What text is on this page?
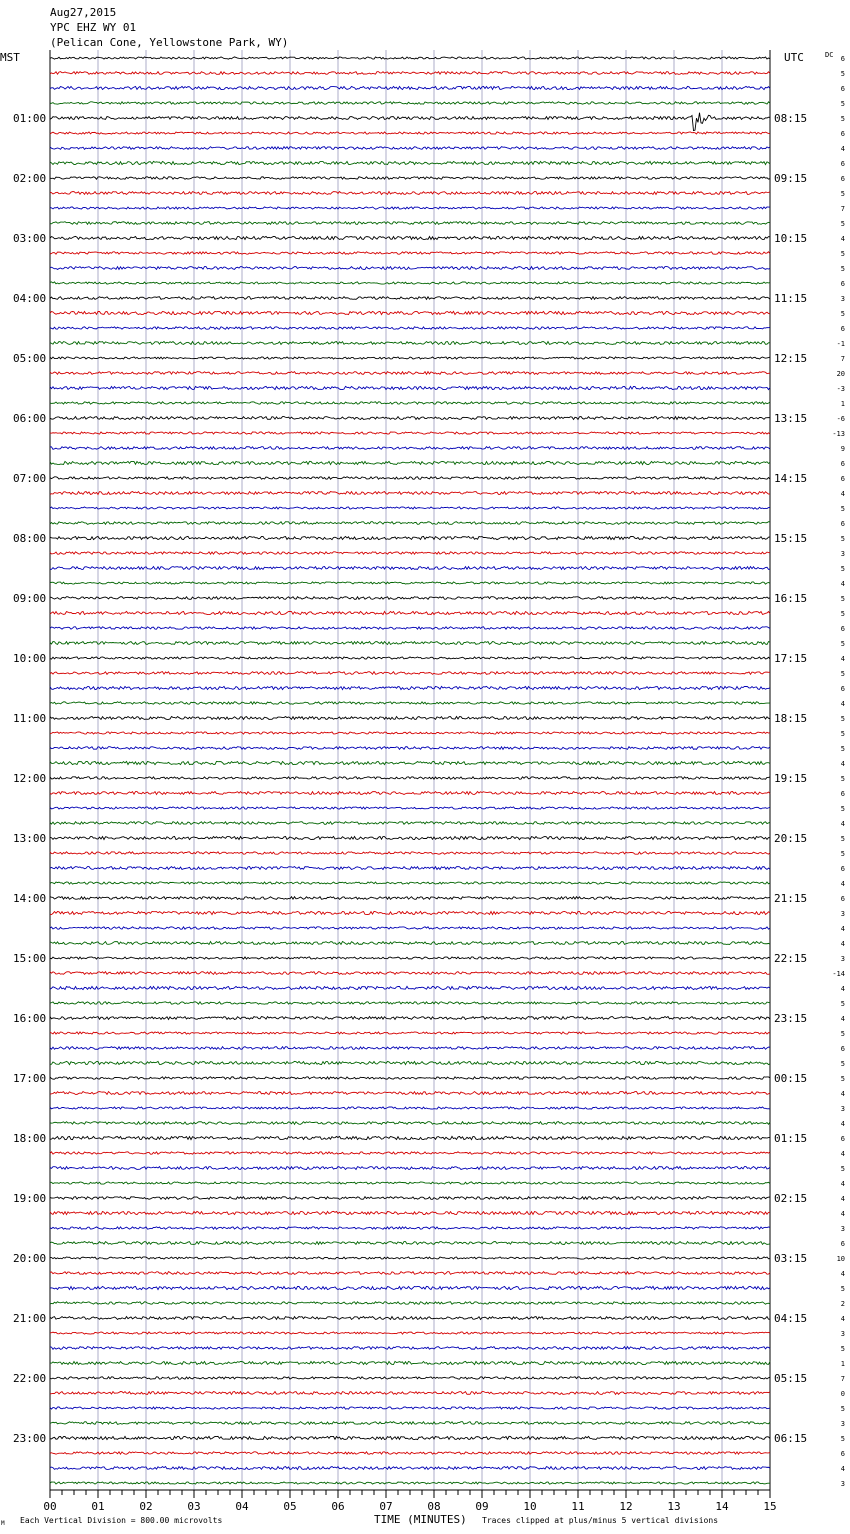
Aug27,2015
YPC EHZ WY 01
(Pelican Cone, Yellowstone Park, WY)
MST	UTC	DC
01:00
02:00
03:00
04:00
05:00
06:00
07:00
08:00
09:00
10:00
11:00
12:00
13:00
14:00
15:00
16:00
17:00
18:00
19:00
20:00
21:00
22:00
23:00
08:15
09:15
10:15
11:15
12:15
13:15
14:15
15:15
16:15
17:15
18:15
19:15
20:15
21:15
22:15
23:15
00:15
01:15
02:15
03:15
04:15
05:15
06:15
6
5
6
5
5
6
4
6
6
5
7
5
4
5
5
6
3
5
6
-1
7
20
-3
1
-6
-13
9
6
6
4
5
6
5
3
5
4
5
5
6
5
4
5
6
4
5
5
5
4
5
6
5
4
5
5
6
4
6
3
4
4
3
-14
4
5
4
5
6
5
5
4
3
4
6
4
5
4
4
4
3
6
10
4
5
2
4
3
5
1
7
0
5
3
5
6
4
3
00	01	02	03	04	05	06	07	08	09	10	11	12	13	14	15
M Each Vertical Division = 800.00 microvolts	TIME (MINUTES) Traces clipped at plus/minus 5 vertical divisions
